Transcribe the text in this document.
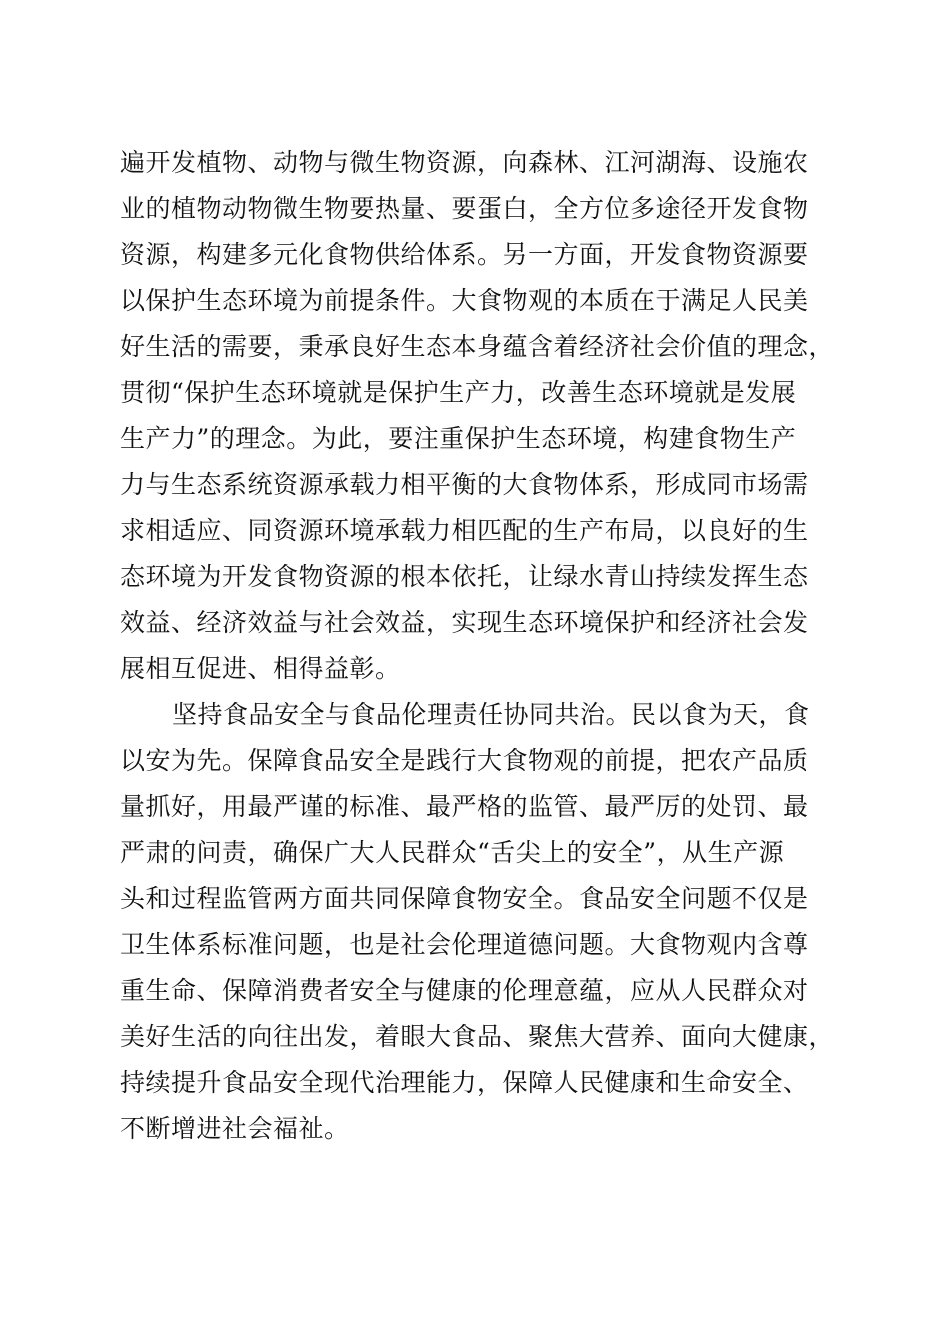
遍开发植物、动物与微生物资源，向森林、江河湖海、设施农
业的植物动物微生物要热量、要蛋白，全方位多途径开发食物
资源，构建多元化食物供给体系。另一方面，开发食物资源要
以保护生态环境为前提条件。大食物观的本质在于满足人民美
好生活的需要，秉承良好生态本身蕴含着经济社会价值的理念，
贯彻“保护生态环境就是保护生产力，改善生态环境就是发展
生产力”的理念。为此，要注重保护生态环境，构建食物生产
力与生态系统资源承载力相平衡的大食物体系，形成同市场需
求相适应、同资源环境承载力相匹配的生产布局，以良好的生
态环境为开发食物资源的根本依托，让绿水青山持续发挥生态
效益、经济效益与社会效益，实现生态环境保护和经济社会发
展相互促进、相得益彰。
坚持食品安全与食品伦理责任协同共治。民以食为天，食
以安为先。保障食品安全是践行大食物观的前提，把农产品质
量抓好，用最严谨的标准、最严格的监管、最严厉的处罚、最
严肃的问责，确保广大人民群众“舌尖上的安全”，从生产源
头和过程监管两方面共同保障食物安全。食品安全问题不仅是
卫生体系标准问题，也是社会伦理道德问题。大食物观内含尊
重生命、保障消费者安全与健康的伦理意蕴，应从人民群众对
美好生活的向往出发，着眼大食品、聚焦大营养、面向大健康，
持续提升食品安全现代治理能力，保障人民健康和生命安全、
不断增进社会福祉。
